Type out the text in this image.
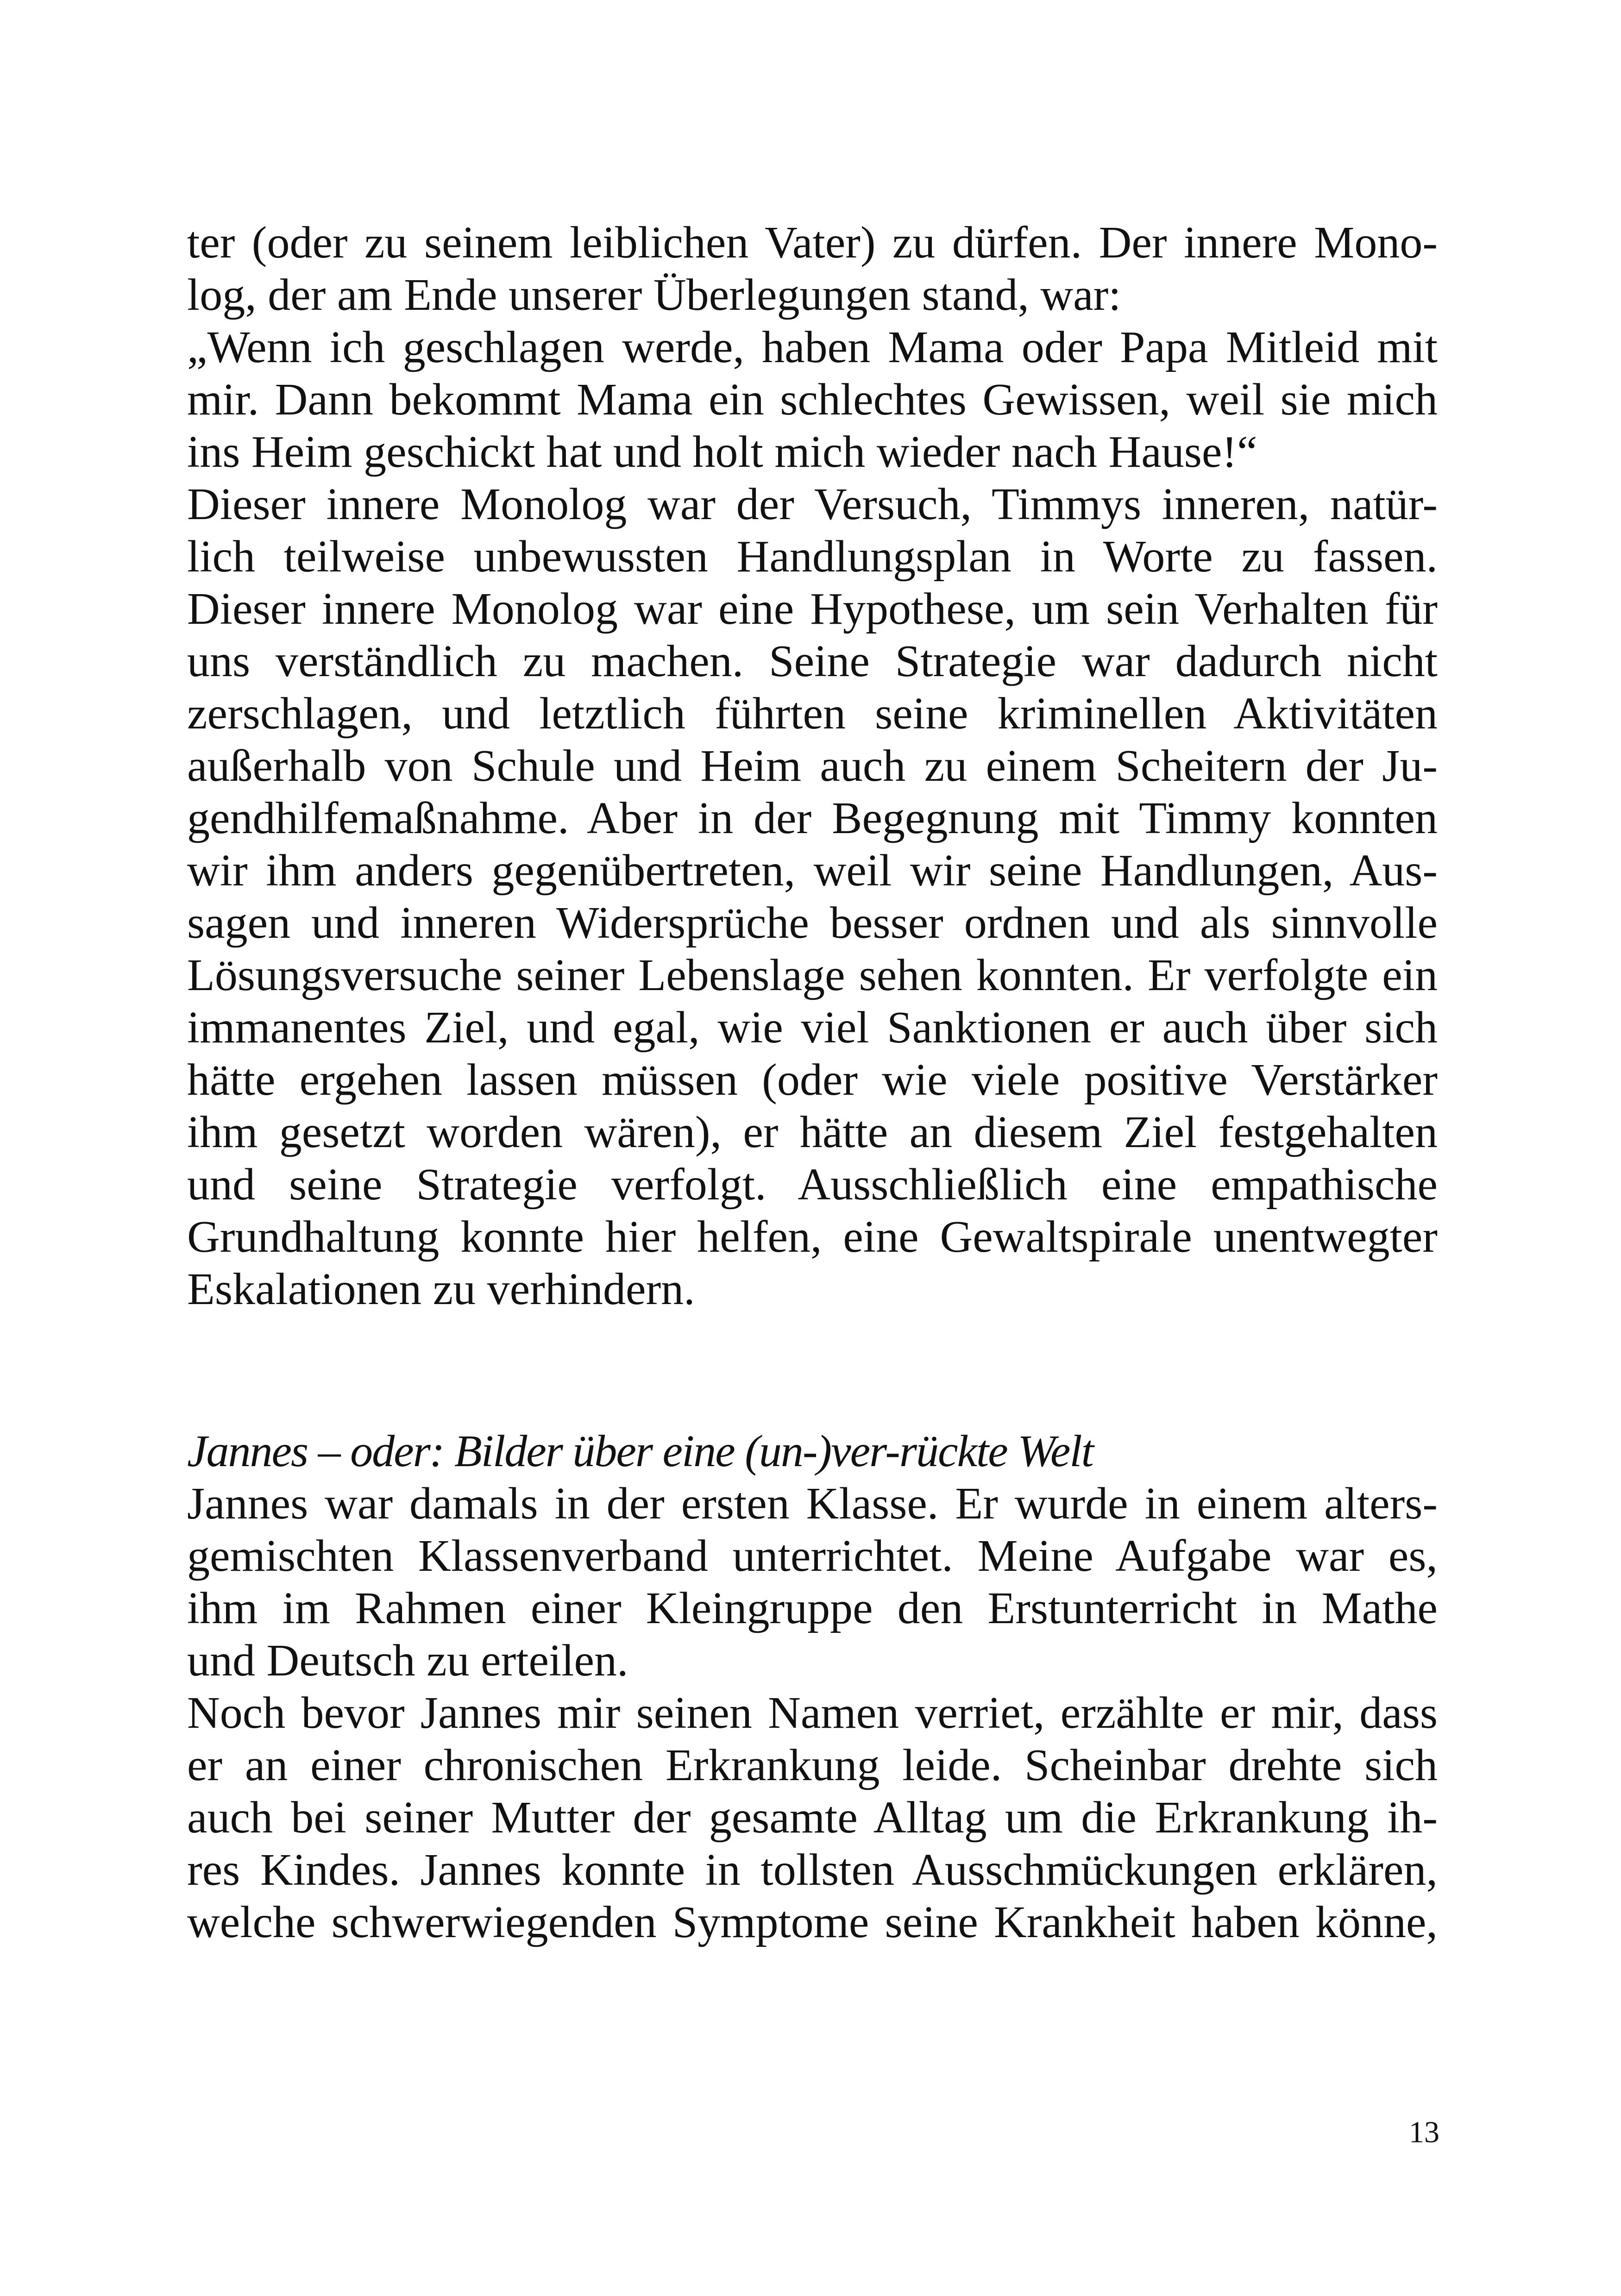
ter (oder zu seinem leiblichen Vater) zu dürfen. Der innere Mono-
log, der am Ende unserer Überlegungen stand, war:
„Wenn ich geschlagen werde, haben Mama oder Papa Mitleid mit
mir. Dann bekommt Mama ein schlechtes Gewissen, weil sie mich
ins Heim geschickt hat und holt mich wieder nach Hause!“
Dieser innere Monolog war der Versuch, Timmys inneren, natür-
lich teilweise unbewussten Handlungsplan in Worte zu fassen.
Dieser innere Monolog war eine Hypothese, um sein Verhalten für
uns verständlich zu machen. Seine Strategie war dadurch nicht
zerschlagen, und letztlich führten seine kriminellen Aktivitäten
außerhalb von Schule und Heim auch zu einem Scheitern der Ju-
gendhilfemaßnahme. Aber in der Begegnung mit Timmy konnten
wir ihm anders gegenübertreten, weil wir seine Handlungen, Aus-
sagen und inneren Widersprüche besser ordnen und als sinnvolle
Lösungsversuche seiner Lebenslage sehen konnten. Er verfolgte ein
immanentes Ziel, und egal, wie viel Sanktionen er auch über sich
hätte ergehen lassen müssen (oder wie viele positive Verstärker
ihm gesetzt worden wären), er hätte an diesem Ziel festgehalten
und seine Strategie verfolgt. Ausschließlich eine empathische
Grundhaltung konnte hier helfen, eine Gewaltspirale unentwegter
Eskalationen zu verhindern.
Jannes – oder: Bilder über eine (un-)ver-rückte Welt
Jannes war damals in der ersten Klasse. Er wurde in einem alters-
gemischten Klassenverband unterrichtet. Meine Aufgabe war es,
ihm im Rahmen einer Kleingruppe den Erstunterricht in Mathe
und Deutsch zu erteilen.
Noch bevor Jannes mir seinen Namen verriet, erzählte er mir, dass
er an einer chronischen Erkrankung leide. Scheinbar drehte sich
auch bei seiner Mutter der gesamte Alltag um die Erkrankung ih-
res Kindes. Jannes konnte in tollsten Ausschmückungen erklären,
welche schwerwiegenden Symptome seine Krankheit haben könne,
13
